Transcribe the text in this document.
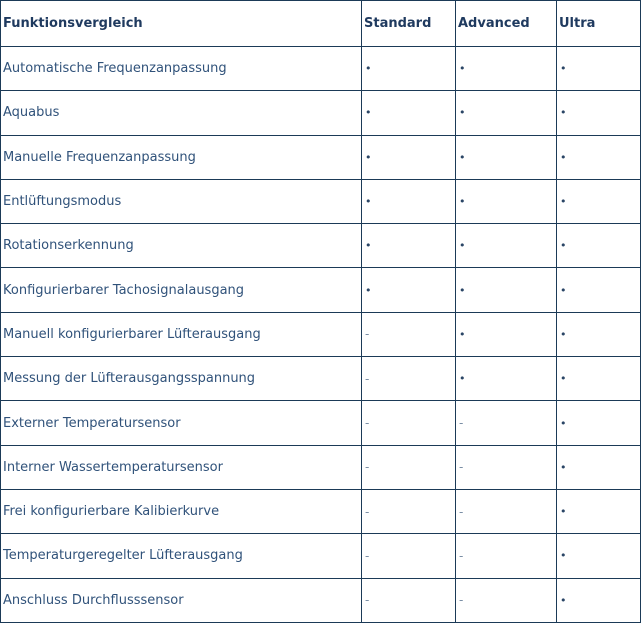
Funktionsvergleich	Standard	Advanced	Ultra
Automatische Frequenzanpassung	•	•	•
Aquabus	•	•	•
Manuelle Frequenzanpassung	•	•	•
Entlüftungsmodus	•	•	•
Rotationserkennung	•	•	•
Konfigurierbarer Tachosignalausgang	•	•	•
Manuell konfigurierbarer Lüfterausgang	-	•	•
Messung der Lüfterausgangsspannung	-	•	•
Externer Temperatursensor	-	-	•
Interner Wassertemperatursensor	-	-	•
Frei konfigurierbare Kalibierkurve	-	-	•
Temperaturgeregelter Lüfterausgang	-	-	•
Anschluss Durchflusssensor	-	-	•
